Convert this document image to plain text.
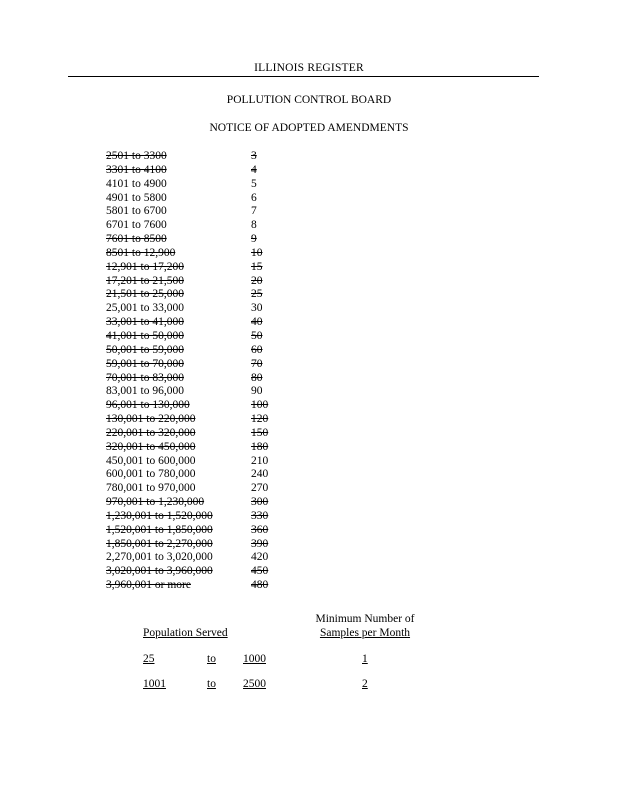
ILLINOIS REGISTER
POLLUTION CONTROL BOARD
NOTICE OF ADOPTED AMENDMENTS
2501 to 3300	3
3301 to 4100	4
4101 to 4900	5
4901 to 5800	6
5801 to 6700	7
6701 to 7600	8
7601 to 8500	9
8501 to 12,900	10
12,901 to 17,200	15
17,201 to 21,500	20
21,501 to 25,000	25
25,001 to 33,000	30
33,001 to 41,000	40
41,001 to 50,000	50
50,001 to 59,000	60
59,001 to 70,000	70
70,001 to 83,000	80
83,001 to 96,000	90
96,001 to 130,000	100
130,001 to 220,000	120
220,001 to 320,000	150
320,001 to 450,000	180
450,001 to 600,000	210
600,001 to 780,000	240
780,001 to 970,000	270
970,001 to 1,230,000	300
1,230,001 to 1,520,000	330
1,520,001 to 1,850,000	360
1,850,001 to 2,270,000	390
2,270,001 to 3,020,000	420
3,020,001 to 3,960,000	450
3,960,001 or more	480
Minimum Number of
Samples per Month
Population Served
25	to 1000	1
1001	to 2500	2
